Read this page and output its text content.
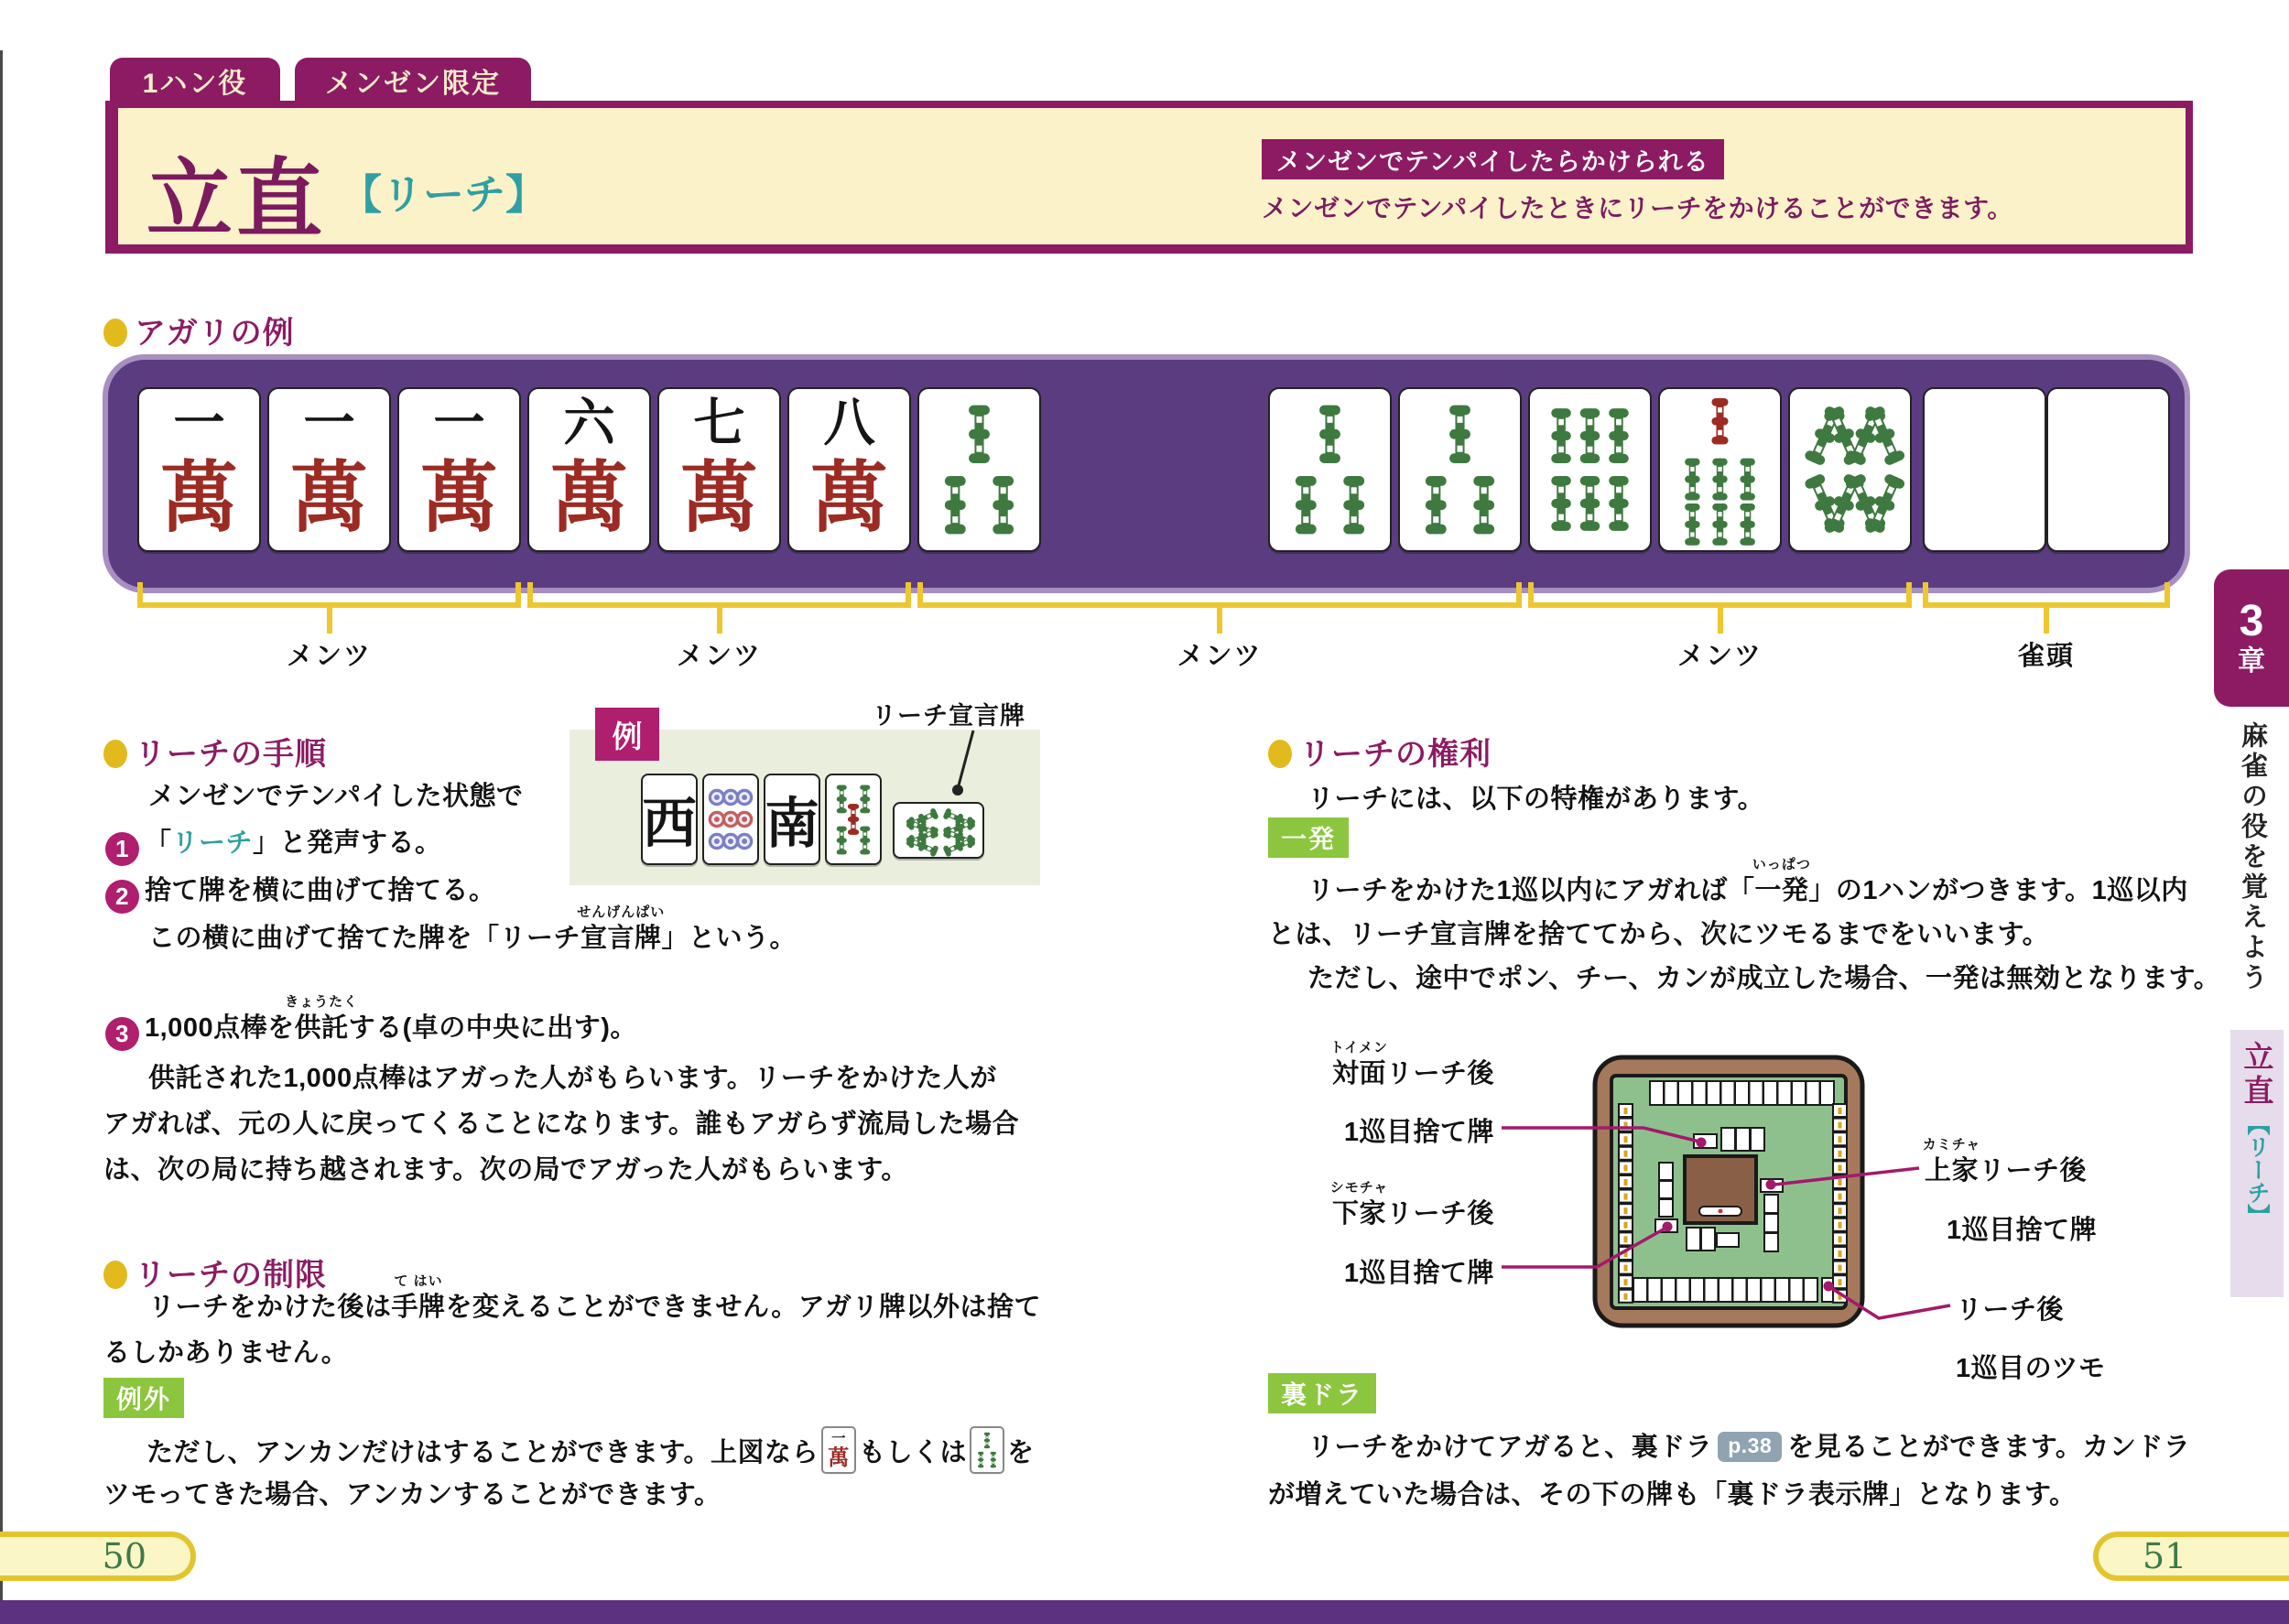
1ハン役	メンゼン限定
立直 【リーチ】
メンゼンでテンパイしたらかけられる
メンゼンでテンパイしたときにリーチをかけることができます。
アガリの例
一
萬
一
萬
一
萬
六
萬
七
萬
八
萬
メンツ	メンツ	メンツ	メンツ	雀頭
リーチの手順
メンゼンでテンパイした状態で
1 「リーチ」と発声する。
2 捨て牌を横に曲げて捨てる。
この横に曲げて捨てた牌を「リーチ
せんげんぱい
宣言牌」という。
3 1,000点棒を
きょうたく
供託する(卓の中央に出す)。
供託された1,000点棒はアガった人がもらいます。リーチをかけた人が
アガれば、元の人に戻ってくることになります。誰もアガらず流局した場合
は、次の局に持ち越されます。次の局でアガった人がもらいます。
例
リーチ宣言牌
西 南
リーチの制限
リーチをかけた後は
て はい
手牌を変えることができません。アガリ牌以外は捨て
るしかありません。
例外
ただし、アンカンだけはすることができます。上図なら 一
萬 もしくは を
ツモってきた場合、アンカンすることができます。
リーチの権利
リーチには、以下の特権があります。
一発
リーチをかけた1巡以内にアガれば「
いっぱつ
一発」の1ハンがつきます。1巡以内
とは、リーチ宣言牌を捨ててから、次にツモるまでをいいます。
ただし、途中でポン、チー、カンが成立した場合、一発は無効となります。
トイメン
対面リーチ後
1巡目捨て牌	カミチャ
上家リーチ後
1巡目捨て牌
シモチャ
下家リーチ後
1巡目捨て牌
リーチ後
1巡目のツモ
裏ドラ
リーチをかけてアガると、裏ドラ p.38 を見ることができます。カンドラ
が増えていた場合は、その下の牌も「裏ドラ表示牌」となります。
3
章
麻雀の役を覚えよう
立直
【リーチ】
50	51
